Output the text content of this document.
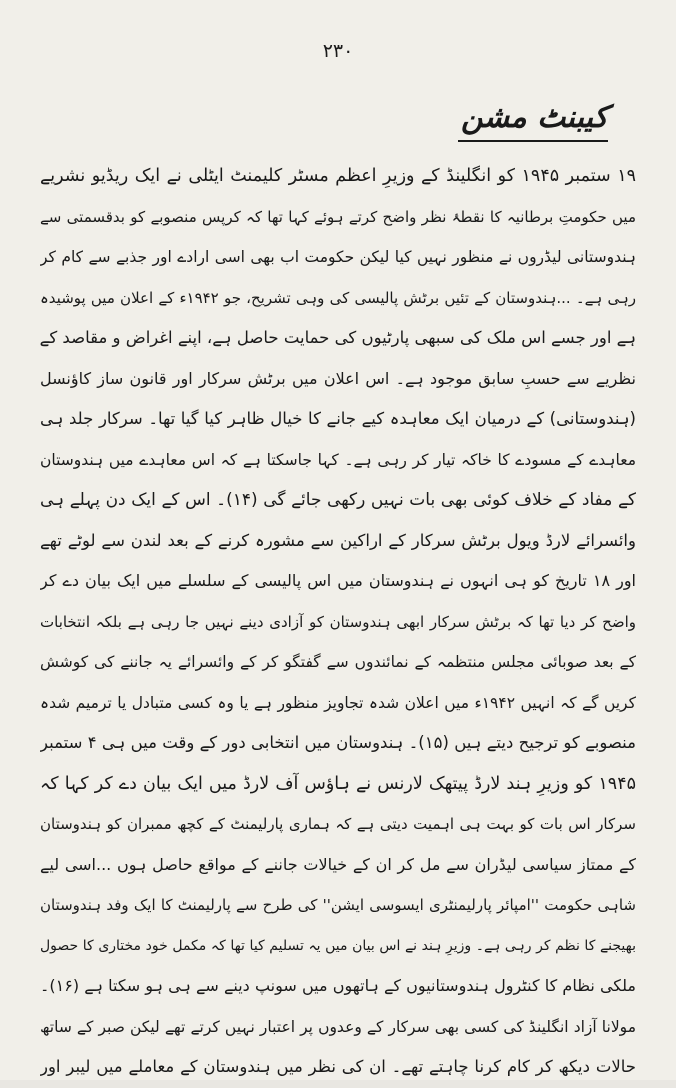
۲۳۰
کیبنٹ مشن
۱۹ ستمبر ۱۹۴۵ کو انگلینڈ کے وزیرِ اعظم مسٹر کلیمنٹ ایٹلی نے ایک ریڈیو نشریے
میں حکومتِ برطانیہ کا نقطۂ نظر واضح کرتے ہوئے کہا تھا کہ کرپس منصوبے کو بدقسمتی سے
ہندوستانی لیڈروں نے منظور نہیں کیا لیکن حکومت اب بھی اسی ارادے اور جذبے سے کام کر
رہی ہے۔ ...ہندوستان کے تئیں برٹش پالیسی کی وہی تشریح، جو ۱۹۴۲ء کے اعلان میں پوشیدہ
ہے اور جسے اس ملک کی سبھی پارٹیوں کی حمایت حاصل ہے، اپنے اغراض و مقاصد کے
نظریے سے حسبِ سابق موجود ہے۔ اس اعلان میں برٹش سرکار اور قانون ساز کاؤنسل
(ہندوستانی) کے درمیان ایک معاہدہ کیے جانے کا خیال ظاہر کیا گیا تھا۔ سرکار جلد ہی
معاہدے کے مسودے کا خاکہ تیار کر رہی ہے۔ کہا جاسکتا ہے کہ اس معاہدے میں ہندوستان
کے مفاد کے خلاف کوئی بھی بات نہیں رکھی جائے گی (۱۴)۔ اس کے ایک دن پہلے ہی
وائسرائے لارڈ ویول برٹش سرکار کے اراکین سے مشورہ کرنے کے بعد لندن سے لوٹے تھے
اور ۱۸ تاریخ کو ہی انہوں نے ہندوستان میں اس پالیسی کے سلسلے میں ایک بیان دے کر
واضح کر دیا تھا کہ برٹش سرکار ابھی ہندوستان کو آزادی دینے نہیں جا رہی ہے بلکہ انتخابات
کے بعد صوبائی مجلس منتظمہ کے نمائندوں سے گفتگو کر کے وائسرائے یہ جاننے کی کوشش
کریں گے کہ انہیں ۱۹۴۲ء میں اعلان شدہ تجاویز منظور ہے یا وہ کسی متبادل یا ترمیم شدہ
منصوبے کو ترجیح دیتے ہیں (۱۵)۔ ہندوستان میں انتخابی دور کے وقت میں ہی ۴ ستمبر
۱۹۴۵ کو وزیرِ ہند لارڈ پیتھک لارنس نے ہاؤس آف لارڈ میں ایک بیان دے کر کہا کہ
سرکار اس بات کو بہت ہی اہمیت دیتی ہے کہ ہماری پارلیمنٹ کے کچھ ممبران کو ہندوستان
کے ممتاز سیاسی لیڈران سے مل کر ان کے خیالات جاننے کے مواقع حاصل ہوں ...اسی لیے
شاہی حکومت ''امپائر پارلیمنٹری ایسوسی ایشن'' کی طرح سے پارلیمنٹ کا ایک وفد ہندوستان
بھیجنے کا نظم کر رہی ہے۔ وزیرِ ہند نے اس بیان میں یہ تسلیم کیا تھا کہ مکمل خود مختاری کا حصول
ملکی نظام کا کنٹرول ہندوستانیوں کے ہاتھوں میں سونپ دینے سے ہی ہو سکتا ہے (۱۶)۔
مولانا آزاد انگلینڈ کی کسی بھی سرکار کے وعدوں پر اعتبار نہیں کرتے تھے لیکن صبر کے ساتھ
حالات دیکھ کر کام کرنا چاہتے تھے۔ ان کی نظر میں ہندوستان کے معاملے میں لیبر اور
